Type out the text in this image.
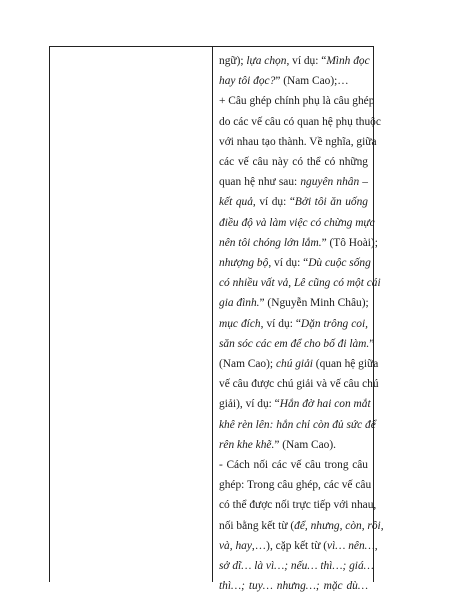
ngữ); lựa chọn, ví dụ: “Mình đọc
hay tôi đọc?” (Nam Cao);…
+ Câu ghép chính phụ là câu ghép
do các vế câu có quan hệ phụ thuộc
với nhau tạo thành. Về nghĩa, giữa
các vế câu này có thể có những
quan hệ như sau: nguyên nhân –
kết quả, ví dụ: “Bởi tôi ăn uống
điều độ và làm việc có chừng mực
nên tôi chóng lớn lắm.” (Tô Hoài);
nhượng bộ, ví dụ: “Dù cuộc sống
có nhiều vất vả, Lê cũng có một cái
gia đình.” (Nguyễn Minh Châu);
mục đích, ví dụ: “Dặn trông coi,
săn sóc các em để cho bố đi làm.”
(Nam Cao); chú giải (quan hệ giữa
vế câu được chú giải và vế câu chú
giải), ví dụ: “Hắn đờ hai con mắt
khê rèn lên: hắn chỉ còn đủ sức để
rên khe khẽ.” (Nam Cao).
- Cách nối các vế câu trong câu
ghép: Trong câu ghép, các vế câu
có thể được nối trực tiếp với nhau,
nối bằng kết từ (để, nhưng, còn, rồi,
và, hay,…), cặp kết từ (vì… nên…,
sở dĩ… là vì…; nếu… thì…; giá…
thì…; tuy… nhưng…; mặc dù…
